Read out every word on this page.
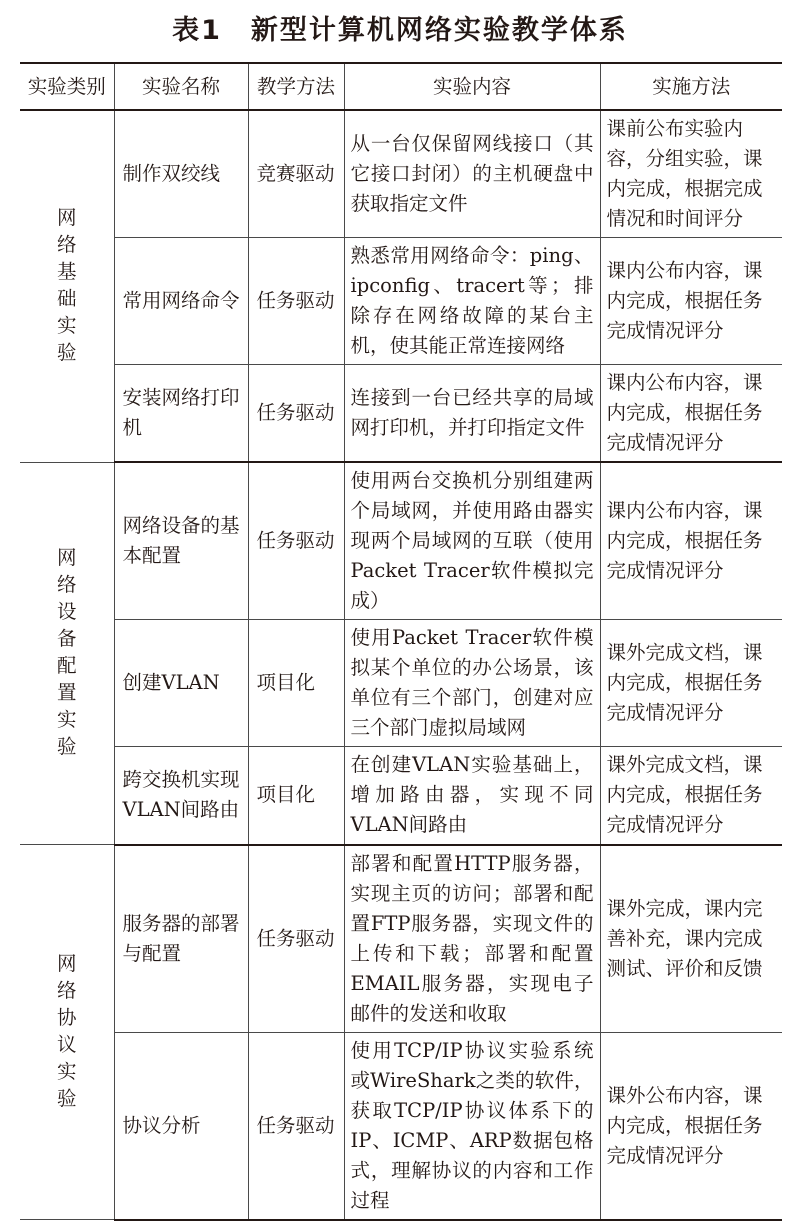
表1　新型计算机网络实验教学体系
实验类别	实验名称	教学方法	实验内容	实施方法
网络基础实验	制作双绞线	竞赛驱动	从一台仅保留网线接口（其它接口封闭）的主机硬盘中获取指定文件	课前公布实验内容，分组实验，课内完成，根据完成情况和时间评分
	常用网络命令	任务驱动	熟悉常用网络命令：ping、ipconfig、tracert等；排除存在网络故障的某台主机，使其能正常连接网络	课内公布内容，课内完成，根据任务完成情况评分
	安装网络打印机	任务驱动	连接到一台已经共享的局域网打印机，并打印指定文件	课内公布内容，课内完成，根据任务完成情况评分
网络设备配置实验	网络设备的基本配置	任务驱动	使用两台交换机分别组建两个局域网，并使用路由器实现两个局域网的互联（使用Packet Tracer软件模拟完成）	课内公布内容，课内完成，根据任务完成情况评分
	创建VLAN	项目化	使用Packet Tracer软件模拟某个单位的办公场景，该单位有三个部门，创建对应三个部门虚拟局域网	课外完成文档，课内完成，根据任务完成情况评分
	跨交换机实现VLAN间路由	项目化	在创建VLAN实验基础上，增加路由器，实现不同VLAN间路由	课外完成文档，课内完成，根据任务完成情况评分
网络协议实验	服务器的部署与配置	任务驱动	部署和配置HTTP服务器，实现主页的访问；部署和配置FTP服务器，实现文件的上传和下载；部署和配置EMAIL服务器，实现电子邮件的发送和收取	课外完成，课内完善补充，课内完成测试、评价和反馈
	协议分析	任务驱动	使用TCP/IP协议实验系统或WireShark之类的软件，获取TCP/IP协议体系下的IP、ICMP、ARP数据包格式，理解协议的内容和工作过程	课外公布内容，课内完成，根据任务完成情况评分
